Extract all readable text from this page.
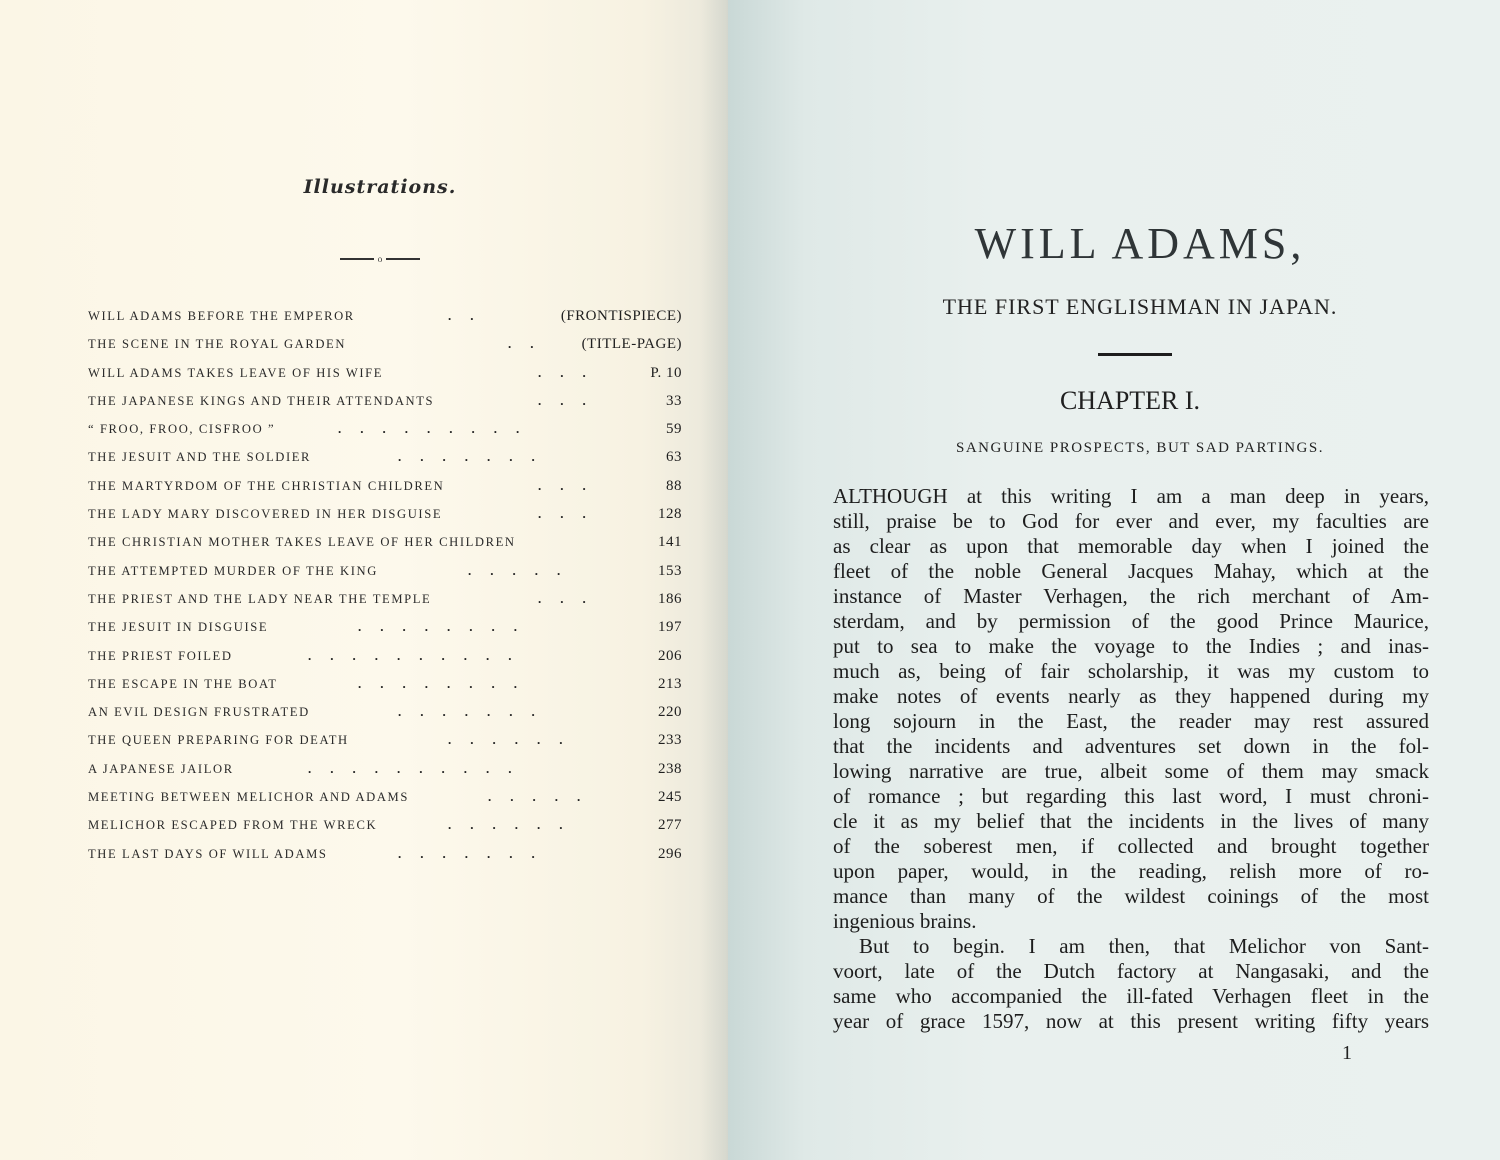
Illustrations.
o
WILL ADAMS BEFORE THE EMPEROR	..	(FRONTISPIECE)
THE SCENE IN THE ROYAL GARDEN	.. (TITLE-PAGE)
WILL ADAMS TAKES LEAVE OF HIS WIFE	...	P. 10
THE JAPANESE KINGS AND THEIR ATTENDANTS	...	33
“ FROO, FROO, CISFROO ”	.........	59
THE JESUIT AND THE SOLDIER	.......	63
THE MARTYRDOM OF THE CHRISTIAN CHILDREN	...	88
THE LADY MARY DISCOVERED IN HER DISGUISE	...	128
THE CHRISTIAN MOTHER TAKES LEAVE OF HER CHILDREN	141
THE ATTEMPTED MURDER OF THE KING	.....	153
THE PRIEST AND THE LADY NEAR THE TEMPLE	...	186
THE JESUIT IN DISGUISE	........	197
THE PRIEST FOILED	..........	206
THE ESCAPE IN THE BOAT	........	213
AN EVIL DESIGN FRUSTRATED	.......	220
THE QUEEN PREPARING FOR DEATH	......	233
A JAPANESE JAILOR	..........	238
MEETING BETWEEN MELICHOR AND ADAMS	.....	245
MELICHOR ESCAPED FROM THE WRECK	......	277
THE LAST DAYS OF WILL ADAMS	.......	296
WILL ADAMS,
THE FIRST ENGLISHMAN IN JAPAN.
CHAPTER I.
SANGUINE PROSPECTS, BUT SAD PARTINGS.
ALTHOUGH at this writing I am a man deep in years,
still, praise be to God for ever and ever, my faculties are
as clear as upon that memorable day when I joined the
fleet of the noble General Jacques Mahay, which at the
instance of Master Verhagen, the rich merchant of Am-
sterdam, and by permission of the good Prince Maurice,
put to sea to make the voyage to the Indies ; and inas-
much as, being of fair scholarship, it was my custom to
make notes of events nearly as they happened during my
long sojourn in the East, the reader may rest assured
that the incidents and adventures set down in the fol-
lowing narrative are true, albeit some of them may smack
of romance ; but regarding this last word, I must chroni-
cle it as my belief that the incidents in the lives of many
of the soberest men, if collected and brought together
upon paper, would, in the reading, relish more of ro-
mance than many of the wildest coinings of the most
ingenious brains.
But to begin. I am then, that Melichor von Sant-
voort, late of the Dutch factory at Nangasaki, and the
same who accompanied the ill-fated Verhagen fleet in the
year of grace 1597, now at this present writing fifty years
1
